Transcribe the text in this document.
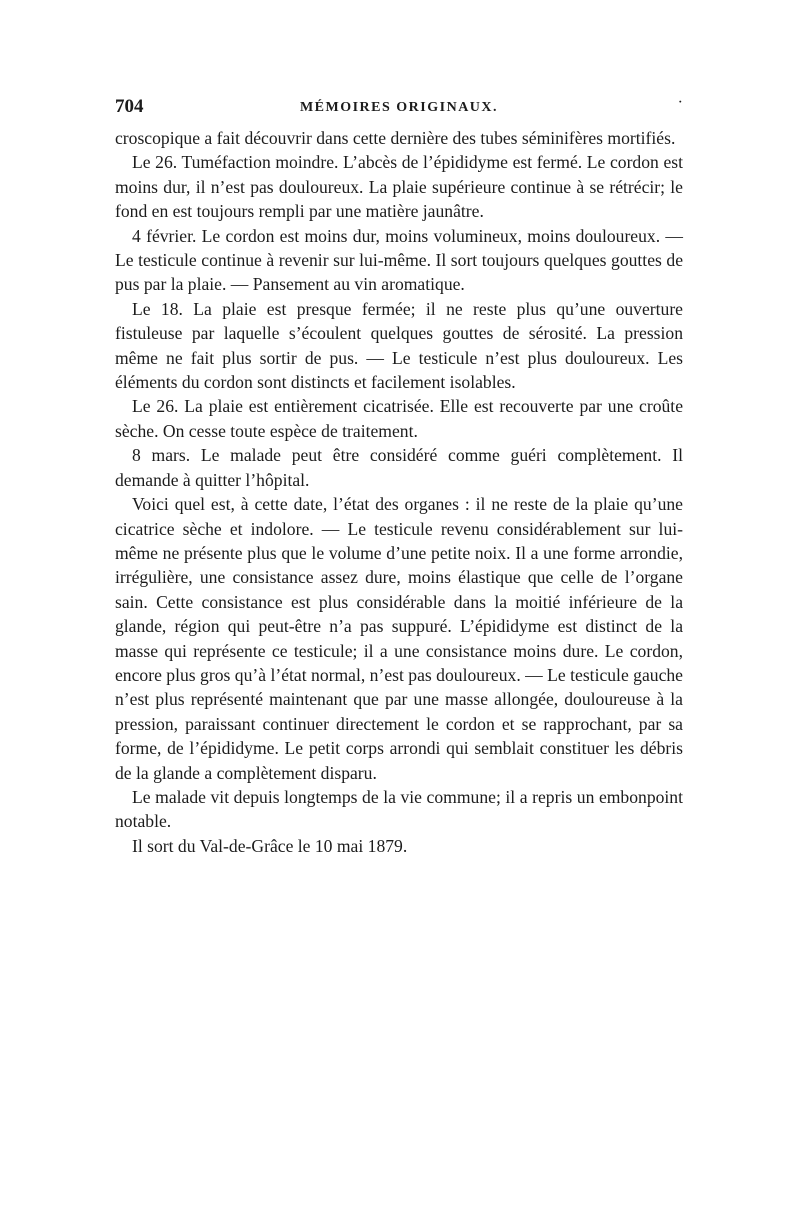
704	MÉMOIRES ORIGINAUX.	·

croscopique a fait découvrir dans cette dernière des tubes séminifères mortifiés.

Le 26. Tuméfaction moindre. L’abcès de l’épididyme est fermé. Le cordon est moins dur, il n’est pas douloureux. La plaie supérieure continue à se rétrécir; le fond en est toujours rempli par une matière jaunâtre.

4 février. Le cordon est moins dur, moins volumineux, moins douloureux. — Le testicule continue à revenir sur lui-même. Il sort toujours quelques gouttes de pus par la plaie. — Pansement au vin aromatique.

Le 18. La plaie est presque fermée; il ne reste plus qu’une ouverture fistuleuse par laquelle s’écoulent quelques gouttes de sérosité. La pression même ne fait plus sortir de pus. — Le testicule n’est plus douloureux. Les éléments du cordon sont distincts et facilement isolables.

Le 26. La plaie est entièrement cicatrisée. Elle est recouverte par une croûte sèche. On cesse toute espèce de traitement.

8 mars. Le malade peut être considéré comme guéri complètement. Il demande à quitter l’hôpital.

Voici quel est, à cette date, l’état des organes : il ne reste de la plaie qu’une cicatrice sèche et indolore. — Le testicule revenu considérablement sur lui-même ne présente plus que le volume d’une petite noix. Il a une forme arrondie, irrégulière, une consistance assez dure, moins élastique que celle de l’organe sain. Cette consistance est plus considérable dans la moitié inférieure de la glande, région qui peut-être n’a pas suppuré. L’épididyme est distinct de la masse qui représente ce testicule; il a une consistance moins dure. Le cordon, encore plus gros qu’à l’état normal, n’est pas douloureux. — Le testicule gauche n’est plus représenté maintenant que par une masse allongée, douloureuse à la pression, paraissant continuer directement le cordon et se rapprochant, par sa forme, de l’épididyme. Le petit corps arrondi qui semblait constituer les débris de la glande a complètement disparu.

Le malade vit depuis longtemps de la vie commune; il a repris un embonpoint notable.

Il sort du Val-de-Grâce le 10 mai 1879.
